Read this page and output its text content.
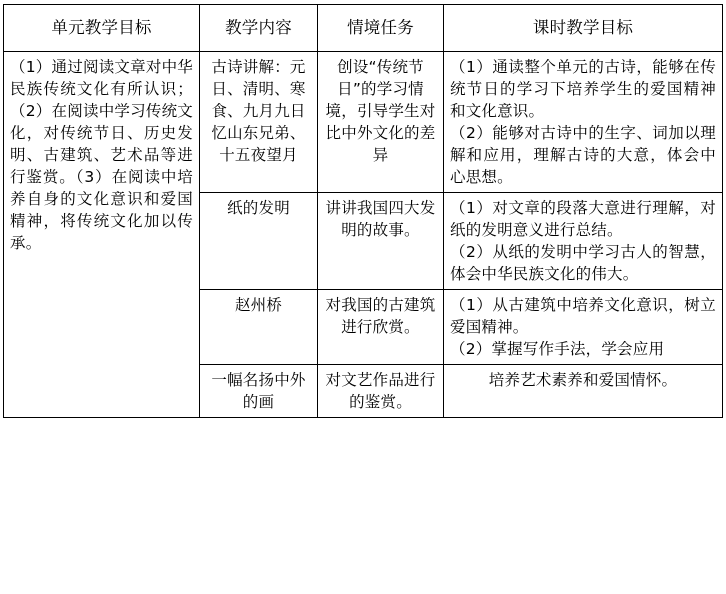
单元教学目标	教学内容	情境任务	课时教学目标
（1）通过阅读文章对中华民族传统文化有所认识；（2）在阅读中学习传统文化，对传统节日、历史发明、古建筑、艺术品等进行鉴赏。（3）在阅读中培养自身的文化意识和爱国精神，将传统文化加以传承。	古诗讲解：元日、清明、寒食、九月九日忆山东兄弟、十五夜望月	创设“传统节日”的学习情境，引导学生对比中外文化的差异	（1）通读整个单元的古诗，能够在传统节日的学习下培养学生的爱国精神和文化意识。

（2）能够对古诗中的生字、词加以理解和应用，理解古诗的大意，体会中心思想。

	纸的发明	讲讲我国四大发明的故事。	（1）对文章的段落大意进行理解，对纸的发明意义进行总结。

（2）从纸的发明中学习古人的智慧，体会中华民族文化的伟大。

	赵州桥	对我国的古建筑进行欣赏。	（1）从古建筑中培养文化意识，树立爱国精神。

（2）掌握写作手法，学会应用

	一幅名扬中外的画	对文艺作品进行的鉴赏。	培养艺术素养和爱国情怀。
